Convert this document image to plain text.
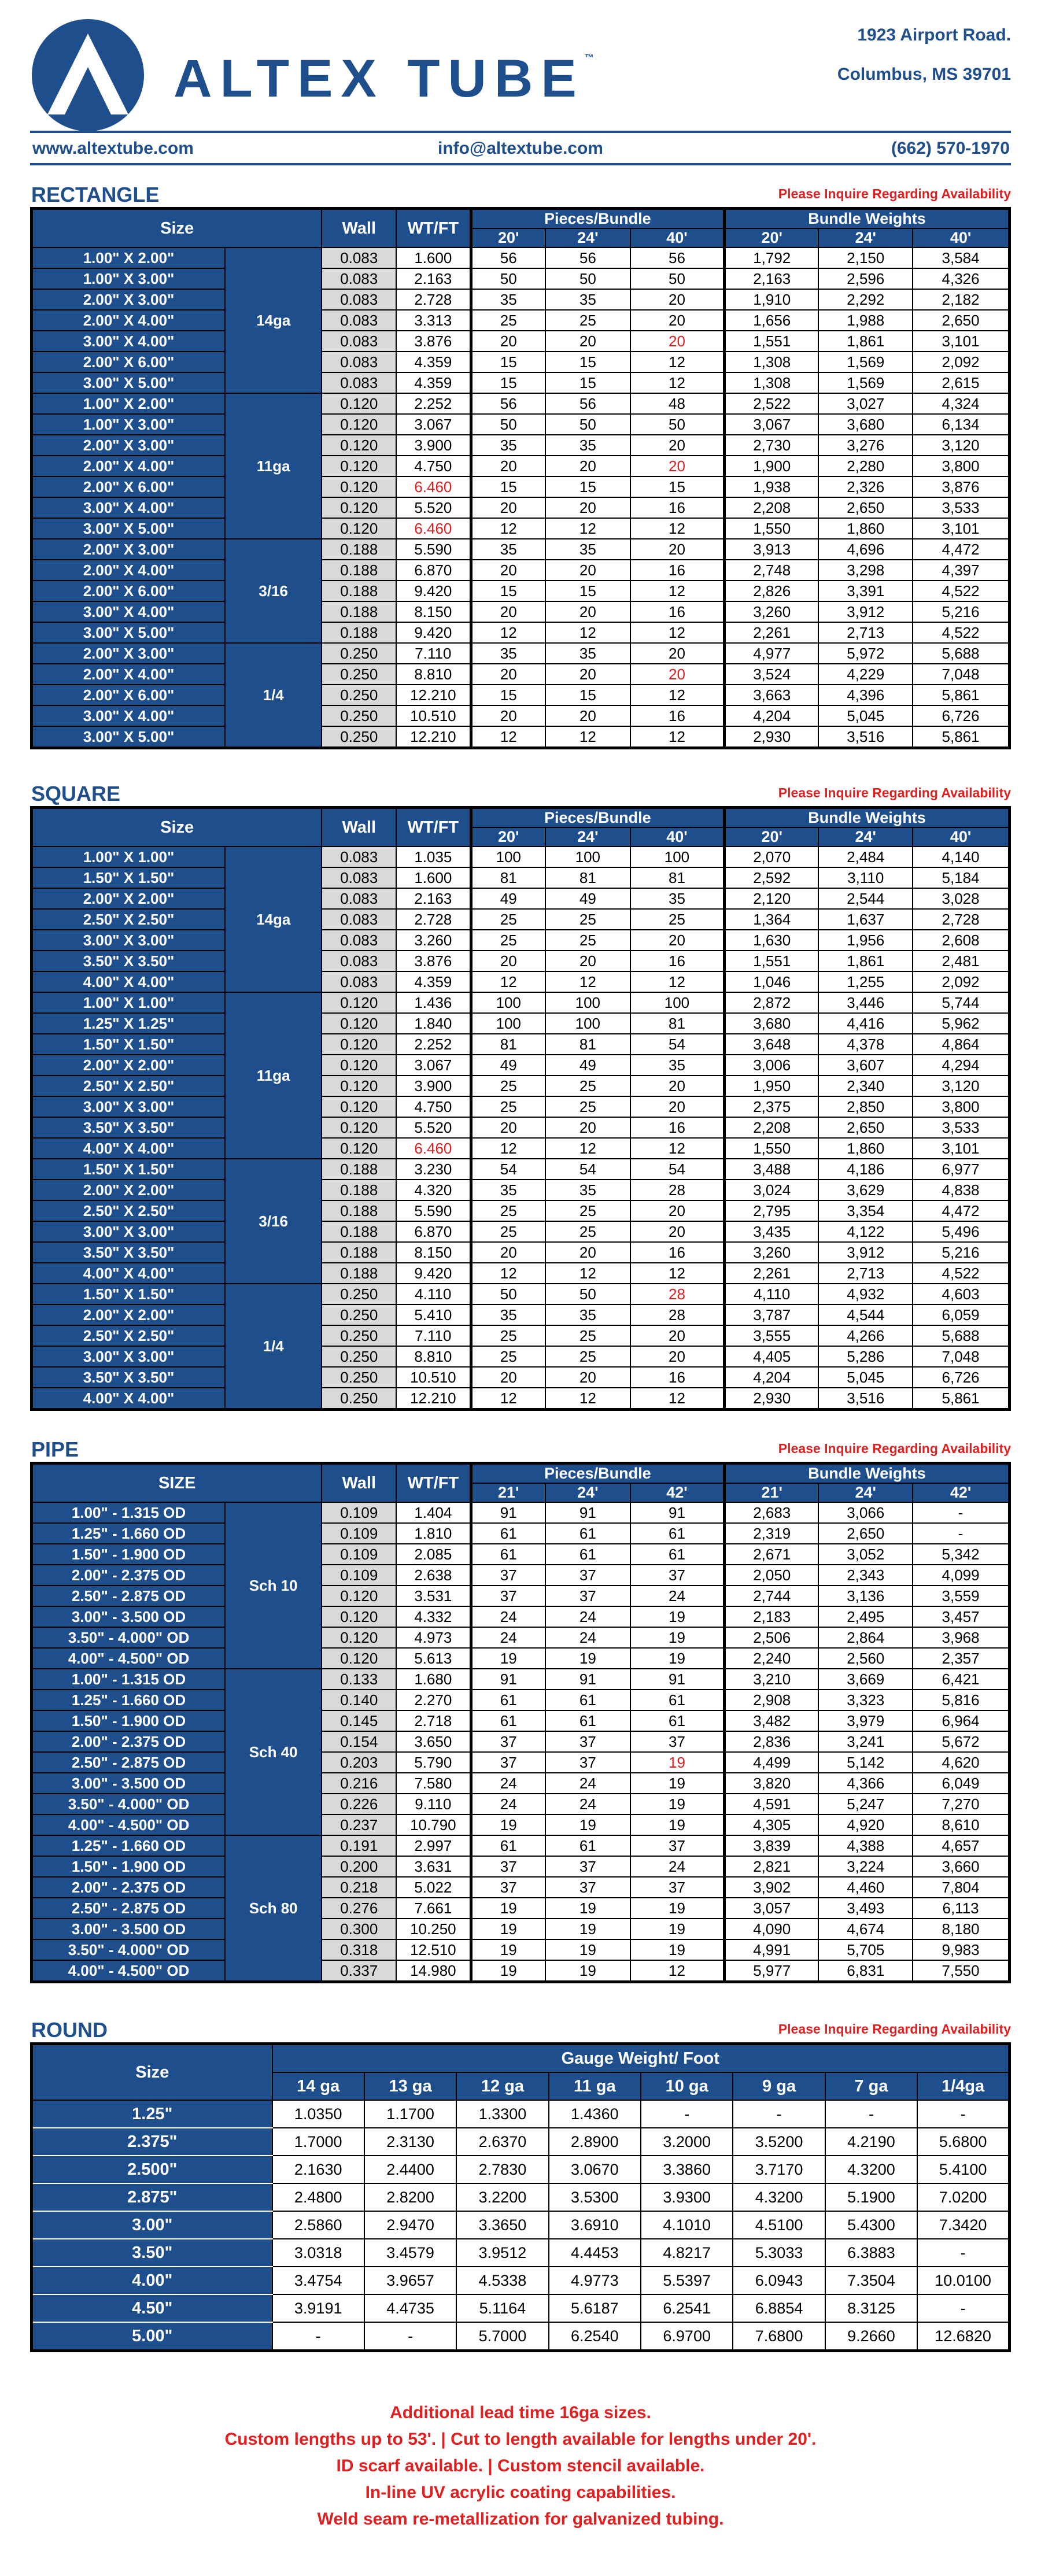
ALTEX TUBE™
1923 Airport Road.
Columbus, MS 39701
www.altextube.com	info@altextube.com	(662) 570-1970
RECTANGLE	Please Inquire Regarding Availability
Size		Wall	WT/FT	Pieces/Bundle			Bundle Weights		
				20'	24'	40'	20'	24'	40'
1.00" X 2.00"	14ga	0.083	1.600	56	56	56	1,792	2,150	3,584
1.00" X 3.00"		0.083	2.163	50	50	50	2,163	2,596	4,326
2.00" X 3.00"		0.083	2.728	35	35	20	1,910	2,292	2,182
2.00" X 4.00"		0.083	3.313	25	25	20	1,656	1,988	2,650
3.00" X 4.00"		0.083	3.876	20	20	20	1,551	1,861	3,101
2.00" X 6.00"		0.083	4.359	15	15	12	1,308	1,569	2,092
3.00" X 5.00"		0.083	4.359	15	15	12	1,308	1,569	2,615
1.00" X 2.00"	11ga	0.120	2.252	56	56	48	2,522	3,027	4,324
1.00" X 3.00"		0.120	3.067	50	50	50	3,067	3,680	6,134
2.00" X 3.00"		0.120	3.900	35	35	20	2,730	3,276	3,120
2.00" X 4.00"		0.120	4.750	20	20	20	1,900	2,280	3,800
2.00" X 6.00"		0.120	6.460	15	15	15	1,938	2,326	3,876
3.00" X 4.00"		0.120	5.520	20	20	16	2,208	2,650	3,533
3.00" X 5.00"		0.120	6.460	12	12	12	1,550	1,860	3,101
2.00" X 3.00"	3/16	0.188	5.590	35	35	20	3,913	4,696	4,472
2.00" X 4.00"		0.188	6.870	20	20	16	2,748	3,298	4,397
2.00" X 6.00"		0.188	9.420	15	15	12	2,826	3,391	4,522
3.00" X 4.00"		0.188	8.150	20	20	16	3,260	3,912	5,216
3.00" X 5.00"		0.188	9.420	12	12	12	2,261	2,713	4,522
2.00" X 3.00"	1/4	0.250	7.110	35	35	20	4,977	5,972	5,688
2.00" X 4.00"		0.250	8.810	20	20	20	3,524	4,229	7,048
2.00" X 6.00"		0.250	12.210	15	15	12	3,663	4,396	5,861
3.00" X 4.00"		0.250	10.510	20	20	16	4,204	5,045	6,726
3.00" X 5.00"		0.250	12.210	12	12	12	2,930	3,516	5,861
SQUARE	Please Inquire Regarding Availability
Size		Wall	WT/FT	Pieces/Bundle			Bundle Weights		
				20'	24'	40'	20'	24'	40'
1.00" X 1.00"	14ga	0.083	1.035	100	100	100	2,070	2,484	4,140
1.50" X 1.50"		0.083	1.600	81	81	81	2,592	3,110	5,184
2.00" X 2.00"		0.083	2.163	49	49	35	2,120	2,544	3,028
2.50" X 2.50"		0.083	2.728	25	25	25	1,364	1,637	2,728
3.00" X 3.00"		0.083	3.260	25	25	20	1,630	1,956	2,608
3.50" X 3.50"		0.083	3.876	20	20	16	1,551	1,861	2,481
4.00" X 4.00"		0.083	4.359	12	12	12	1,046	1,255	2,092
1.00" X 1.00"	11ga	0.120	1.436	100	100	100	2,872	3,446	5,744
1.25" X 1.25"		0.120	1.840	100	100	81	3,680	4,416	5,962
1.50" X 1.50"		0.120	2.252	81	81	54	3,648	4,378	4,864
2.00" X 2.00"		0.120	3.067	49	49	35	3,006	3,607	4,294
2.50" X 2.50"		0.120	3.900	25	25	20	1,950	2,340	3,120
3.00" X 3.00"		0.120	4.750	25	25	20	2,375	2,850	3,800
3.50" X 3.50"		0.120	5.520	20	20	16	2,208	2,650	3,533
4.00" X 4.00"		0.120	6.460	12	12	12	1,550	1,860	3,101
1.50" X 1.50"	3/16	0.188	3.230	54	54	54	3,488	4,186	6,977
2.00" X 2.00"		0.188	4.320	35	35	28	3,024	3,629	4,838
2.50" X 2.50"		0.188	5.590	25	25	20	2,795	3,354	4,472
3.00" X 3.00"		0.188	6.870	25	25	20	3,435	4,122	5,496
3.50" X 3.50"		0.188	8.150	20	20	16	3,260	3,912	5,216
4.00" X 4.00"		0.188	9.420	12	12	12	2,261	2,713	4,522
1.50" X 1.50"	1/4	0.250	4.110	50	50	28	4,110	4,932	4,603
2.00" X 2.00"		0.250	5.410	35	35	28	3,787	4,544	6,059
2.50" X 2.50"		0.250	7.110	25	25	20	3,555	4,266	5,688
3.00" X 3.00"		0.250	8.810	25	25	20	4,405	5,286	7,048
3.50" X 3.50"		0.250	10.510	20	20	16	4,204	5,045	6,726
4.00" X 4.00"		0.250	12.210	12	12	12	2,930	3,516	5,861
PIPE	Please Inquire Regarding Availability
SIZE		Wall	WT/FT	Pieces/Bundle			Bundle Weights		
				21'	24'	42'	21'	24'	42'
1.00" - 1.315 OD	Sch 10	0.109	1.404	91	91	91	2,683	3,066	-
1.25" - 1.660 OD		0.109	1.810	61	61	61	2,319	2,650	-
1.50" - 1.900 OD		0.109	2.085	61	61	61	2,671	3,052	5,342
2.00" - 2.375 OD		0.109	2.638	37	37	37	2,050	2,343	4,099
2.50" - 2.875 OD		0.120	3.531	37	37	24	2,744	3,136	3,559
3.00" - 3.500 OD		0.120	4.332	24	24	19	2,183	2,495	3,457
3.50" - 4.000" OD		0.120	4.973	24	24	19	2,506	2,864	3,968
4.00" - 4.500" OD		0.120	5.613	19	19	19	2,240	2,560	2,357
1.00" - 1.315 OD	Sch 40	0.133	1.680	91	91	91	3,210	3,669	6,421
1.25" - 1.660 OD		0.140	2.270	61	61	61	2,908	3,323	5,816
1.50" - 1.900 OD		0.145	2.718	61	61	61	3,482	3,979	6,964
2.00" - 2.375 OD		0.154	3.650	37	37	37	2,836	3,241	5,672
2.50" - 2.875 OD		0.203	5.790	37	37	19	4,499	5,142	4,620
3.00" - 3.500 OD		0.216	7.580	24	24	19	3,820	4,366	6,049
3.50" - 4.000" OD		0.226	9.110	24	24	19	4,591	5,247	7,270
4.00" - 4.500" OD		0.237	10.790	19	19	19	4,305	4,920	8,610
1.25" - 1.660 OD	Sch 80	0.191	2.997	61	61	37	3,839	4,388	4,657
1.50" - 1.900 OD		0.200	3.631	37	37	24	2,821	3,224	3,660
2.00" - 2.375 OD		0.218	5.022	37	37	37	3,902	4,460	7,804
2.50" - 2.875 OD		0.276	7.661	19	19	19	3,057	3,493	6,113
3.00" - 3.500 OD		0.300	10.250	19	19	19	4,090	4,674	8,180
3.50" - 4.000" OD		0.318	12.510	19	19	19	4,991	5,705	9,983
4.00" - 4.500" OD		0.337	14.980	19	19	12	5,977	6,831	7,550
ROUND	Please Inquire Regarding Availability
Size	Gauge Weight/ Foot							
	14 ga	13 ga	12 ga	11 ga	10 ga	9 ga	7 ga	1/4ga
1.25"	1.0350	1.1700	1.3300	1.4360	-	-	-	-
2.375"	1.7000	2.3130	2.6370	2.8900	3.2000	3.5200	4.2190	5.6800
2.500"	2.1630	2.4400	2.7830	3.0670	3.3860	3.7170	4.3200	5.4100
2.875"	2.4800	2.8200	3.2200	3.5300	3.9300	4.3200	5.1900	7.0200
3.00"	2.5860	2.9470	3.3650	3.6910	4.1010	4.5100	5.4300	7.3420
3.50"	3.0318	3.4579	3.9512	4.4453	4.8217	5.3033	6.3883	-
4.00"	3.4754	3.9657	4.5338	4.9773	5.5397	6.0943	7.3504	10.0100
4.50"	3.9191	4.4735	5.1164	5.6187	6.2541	6.8854	8.3125	-
5.00"	-	-	5.7000	6.2540	6.9700	7.6800	9.2660	12.6820
Additional lead time 16ga sizes.
Custom lengths up to 53'. | Cut to length available for lengths under 20'.
ID scarf available. | Custom stencil available.
In-line UV acrylic coating capabilities.
Weld seam re-metallization for galvanized tubing.
